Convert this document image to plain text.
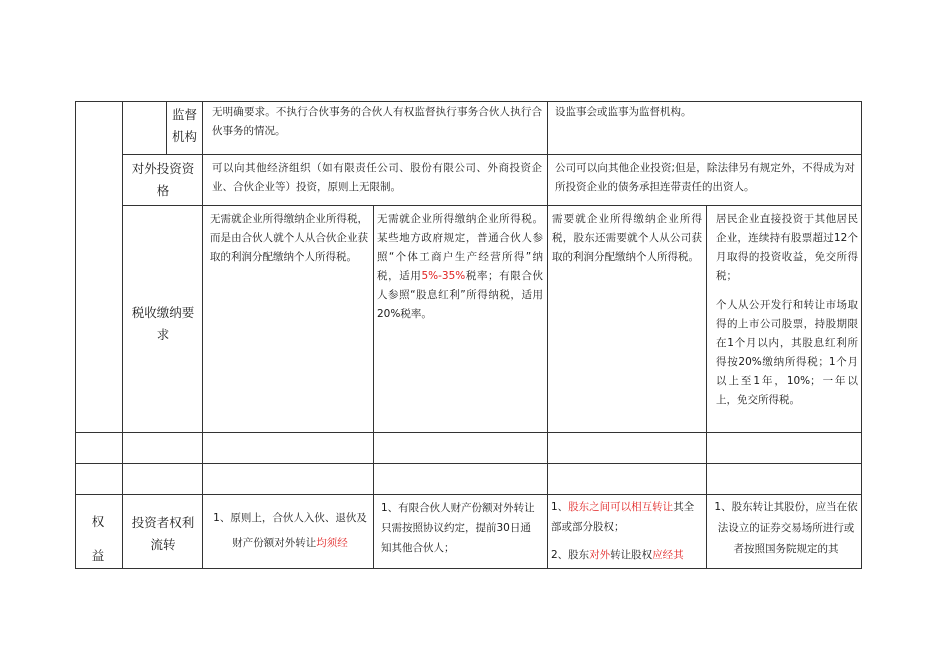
监督机构
无明确要求。不执行合伙事务的合伙人有权监督执行事务合伙人执行合伙事务的情况。
设监事会或监事为监督机构。
对外投资资格
可以向其他经济组织（如有限责任公司、股份有限公司、外商投资企业、合伙企业等）投资，原则上无限制。
公司可以向其他企业投资;但是，除法律另有规定外，不得成为对所投资企业的债务承担连带责任的出资人。
税收缴纳要求
无需就企业所得缴纳企业所得税，而是由合伙人就个人从合伙企业获取的利润分配缴纳个人所得税。
无需就企业所得缴纳企业所得税。某些地方政府规定，普通合伙人参照“个体工商户生产经营所得”纳税，适用5%-35%税率；有限合伙人参照“股息红利”所得纳税，适用20%税率。
需要就企业所得缴纳企业所得税，股东还需要就个人从公司获取的利润分配缴纳个人所得税。
居民企业直接投资于其他居民企业，连续持有股票超过12个月取得的投资收益，免交所得税；
个人从公开发行和转让市场取得的上市公司股票，持股期限在1个月以内，其股息红利所得按20%缴纳所得税；1个月以上至1年，10%；一年以上，免交所得税。
权益
投资者权利流转
1、原则上，合伙人入伙、退伙及财产份额对外转让均须经
1、有限合伙人财产份额对外转让只需按照协议约定，提前30日通知其他合伙人；
1、股东之间可以相互转让其全部或部分股权；
2、股东对外转让股权应经其
1、股东转让其股份，应当在依法设立的证券交易场所进行或者按照国务院规定的其
